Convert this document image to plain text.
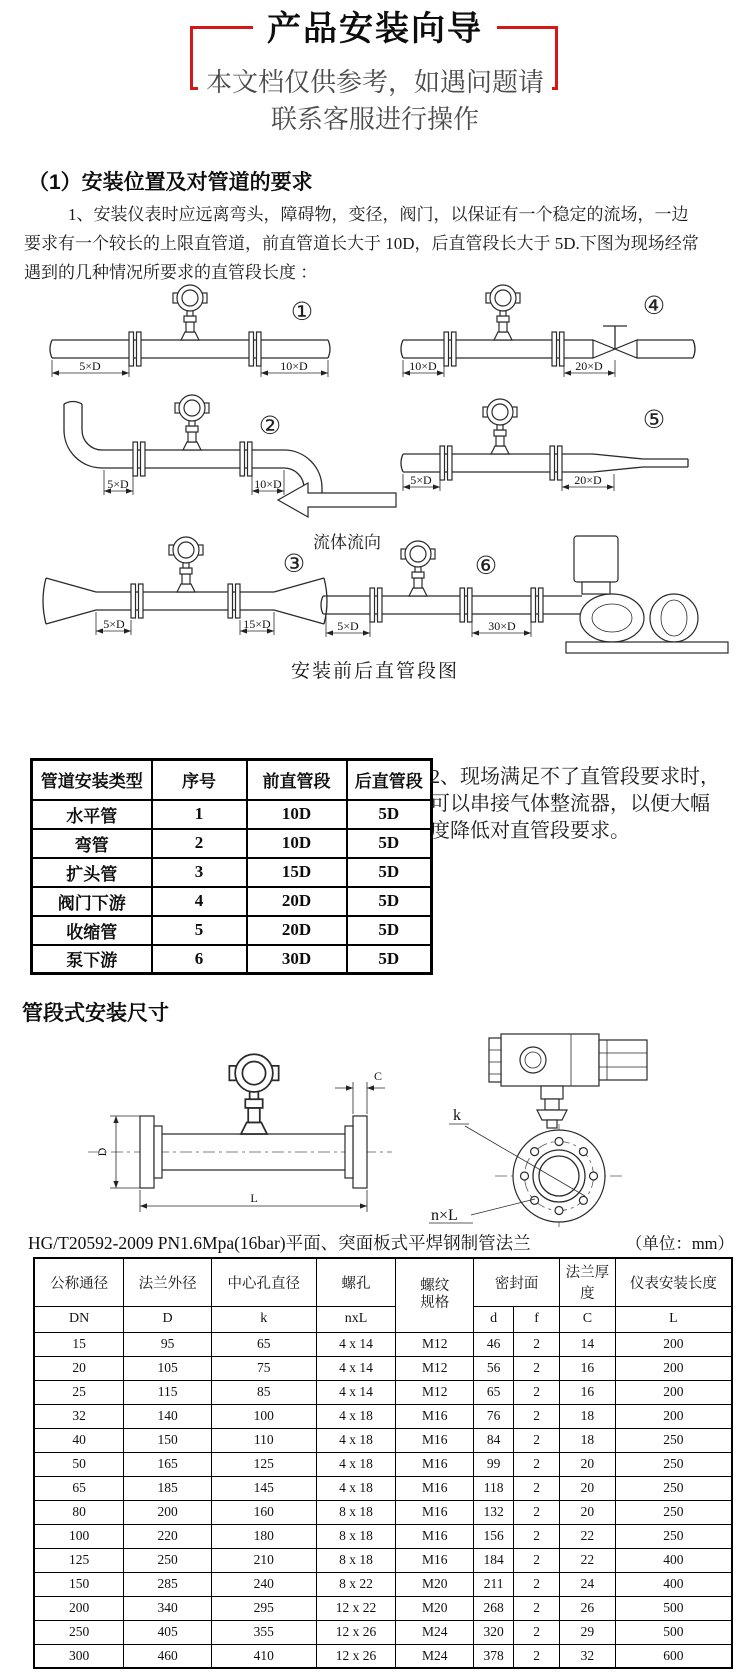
产品安装向导
本文档仅供参考，如遇问题请
联系客服进行操作
（1）安装位置及对管道的要求
1、安装仪表时应远离弯头，障碍物，变径，阀门，以保证有一个稳定的流场，一边
要求有一个较长的上限直管道，前直管道长大于 10D，后直管段长大于 5D.下图为现场经常
遇到的几种情况所要求的直管段长度 ：
5×D	10×D
①
10×D	20×D
④
5×D	10×D
②
5×D	20×D
⑤
流体流向
5×D	15×D
③
5×D	30×D
⑥
安装前后直管段图
管道安装类型	序号	前直管段	后直管段
水平管	1	10D	5D
弯管	2	10D	5D
扩头管	3	15D	5D
阀门下游	4	20D	5D
收缩管	5	20D	5D
泵下游	6	30D	5D
2、现场满足不了直管段要求时，
可以串接气体整流器，以便大幅
度降低对直管段要求。
管段式安装尺寸
D
C
L
k
n×L
HG/T20592-2009 PN1.6Mpa(16bar)平面、突面板式平焊钢制管法兰	（单位：mm）
公称通径	法兰外径	中心孔直径	螺孔	螺纹规格	密封面		法兰厚度	仪表安装长度
DN	D	k	nxL		d	f	C	L
15	95	65	4 x 14	M12	46	2	14	200
20	105	75	4 x 14	M12	56	2	16	200
25	115	85	4 x 14	M12	65	2	16	200
32	140	100	4 x 18	M16	76	2	18	200
40	150	110	4 x 18	M16	84	2	18	250
50	165	125	4 x 18	M16	99	2	20	250
65	185	145	4 x 18	M16	118	2	20	250
80	200	160	8 x 18	M16	132	2	20	250
100	220	180	8 x 18	M16	156	2	22	250
125	250	210	8 x 18	M16	184	2	22	400
150	285	240	8 x 22	M20	211	2	24	400
200	340	295	12 x 22	M20	268	2	26	500
250	405	355	12 x 26	M24	320	2	29	500
300	460	410	12 x 26	M24	378	2	32	600
